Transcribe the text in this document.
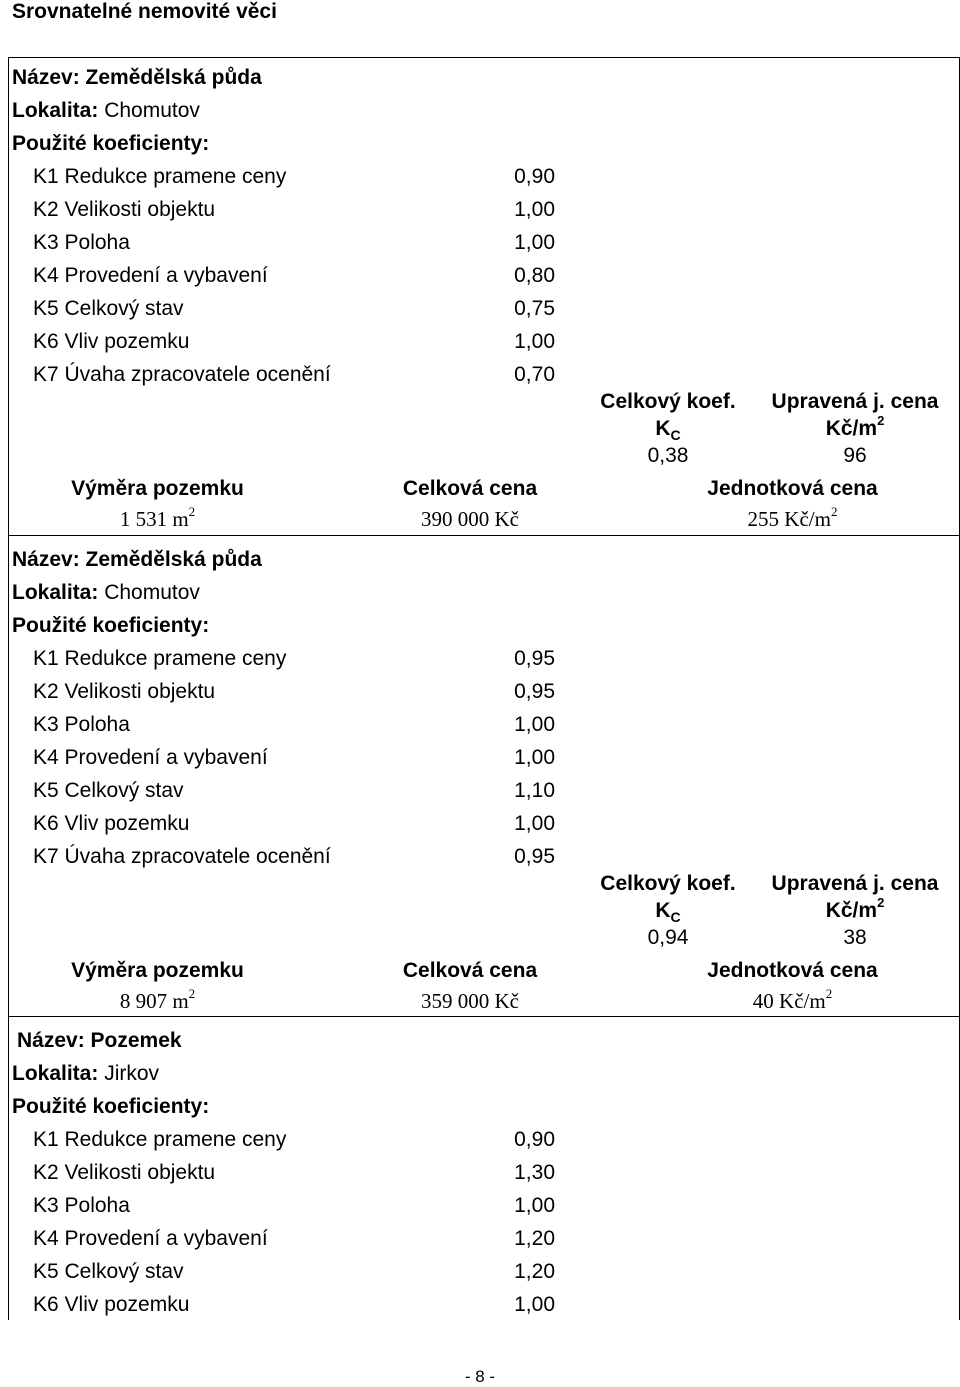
Srovnatelné nemovité věci
Název: Zemědělská půda
Lokalita: Chomutov
Použité koeficienty:
K1 Redukce pramene ceny	0,90
K2 Velikosti objektu	1,00
K3 Poloha	1,00
K4 Provedení a vybavení	0,80
K5 Celkový stav	0,75
K6 Vliv pozemku	1,00
K7 Úvaha zpracovatele ocenění	0,70
Celkový koef.	Upravená j. cena
$K_C$	$Kč/m^2$
0,38	96
Výměra pozemku	Celková cena	Jednotková cena
1 531 $m^2$	390 000 Kč	255 $Kč/m^2$
Název: Zemědělská půda
Lokalita: Chomutov
Použité koeficienty:
K1 Redukce pramene ceny	0,95
K2 Velikosti objektu	0,95
K3 Poloha	1,00
K4 Provedení a vybavení	1,00
K5 Celkový stav	1,10
K6 Vliv pozemku	1,00
K7 Úvaha zpracovatele ocenění	0,95
Celkový koef.	Upravená j. cena
$K_C$	$Kč/m^2$
0,94	38
Výměra pozemku	Celková cena	Jednotková cena
8 907 $m^2$	359 000 Kč	40 $Kč/m^2$
Název: Pozemek
Lokalita: Jirkov
Použité koeficienty:
K1 Redukce pramene ceny	0,90
K2 Velikosti objektu	1,30
K3 Poloha	1,00
K4 Provedení a vybavení	1,20
K5 Celkový stav	1,20
K6 Vliv pozemku	1,00
- 8 -
